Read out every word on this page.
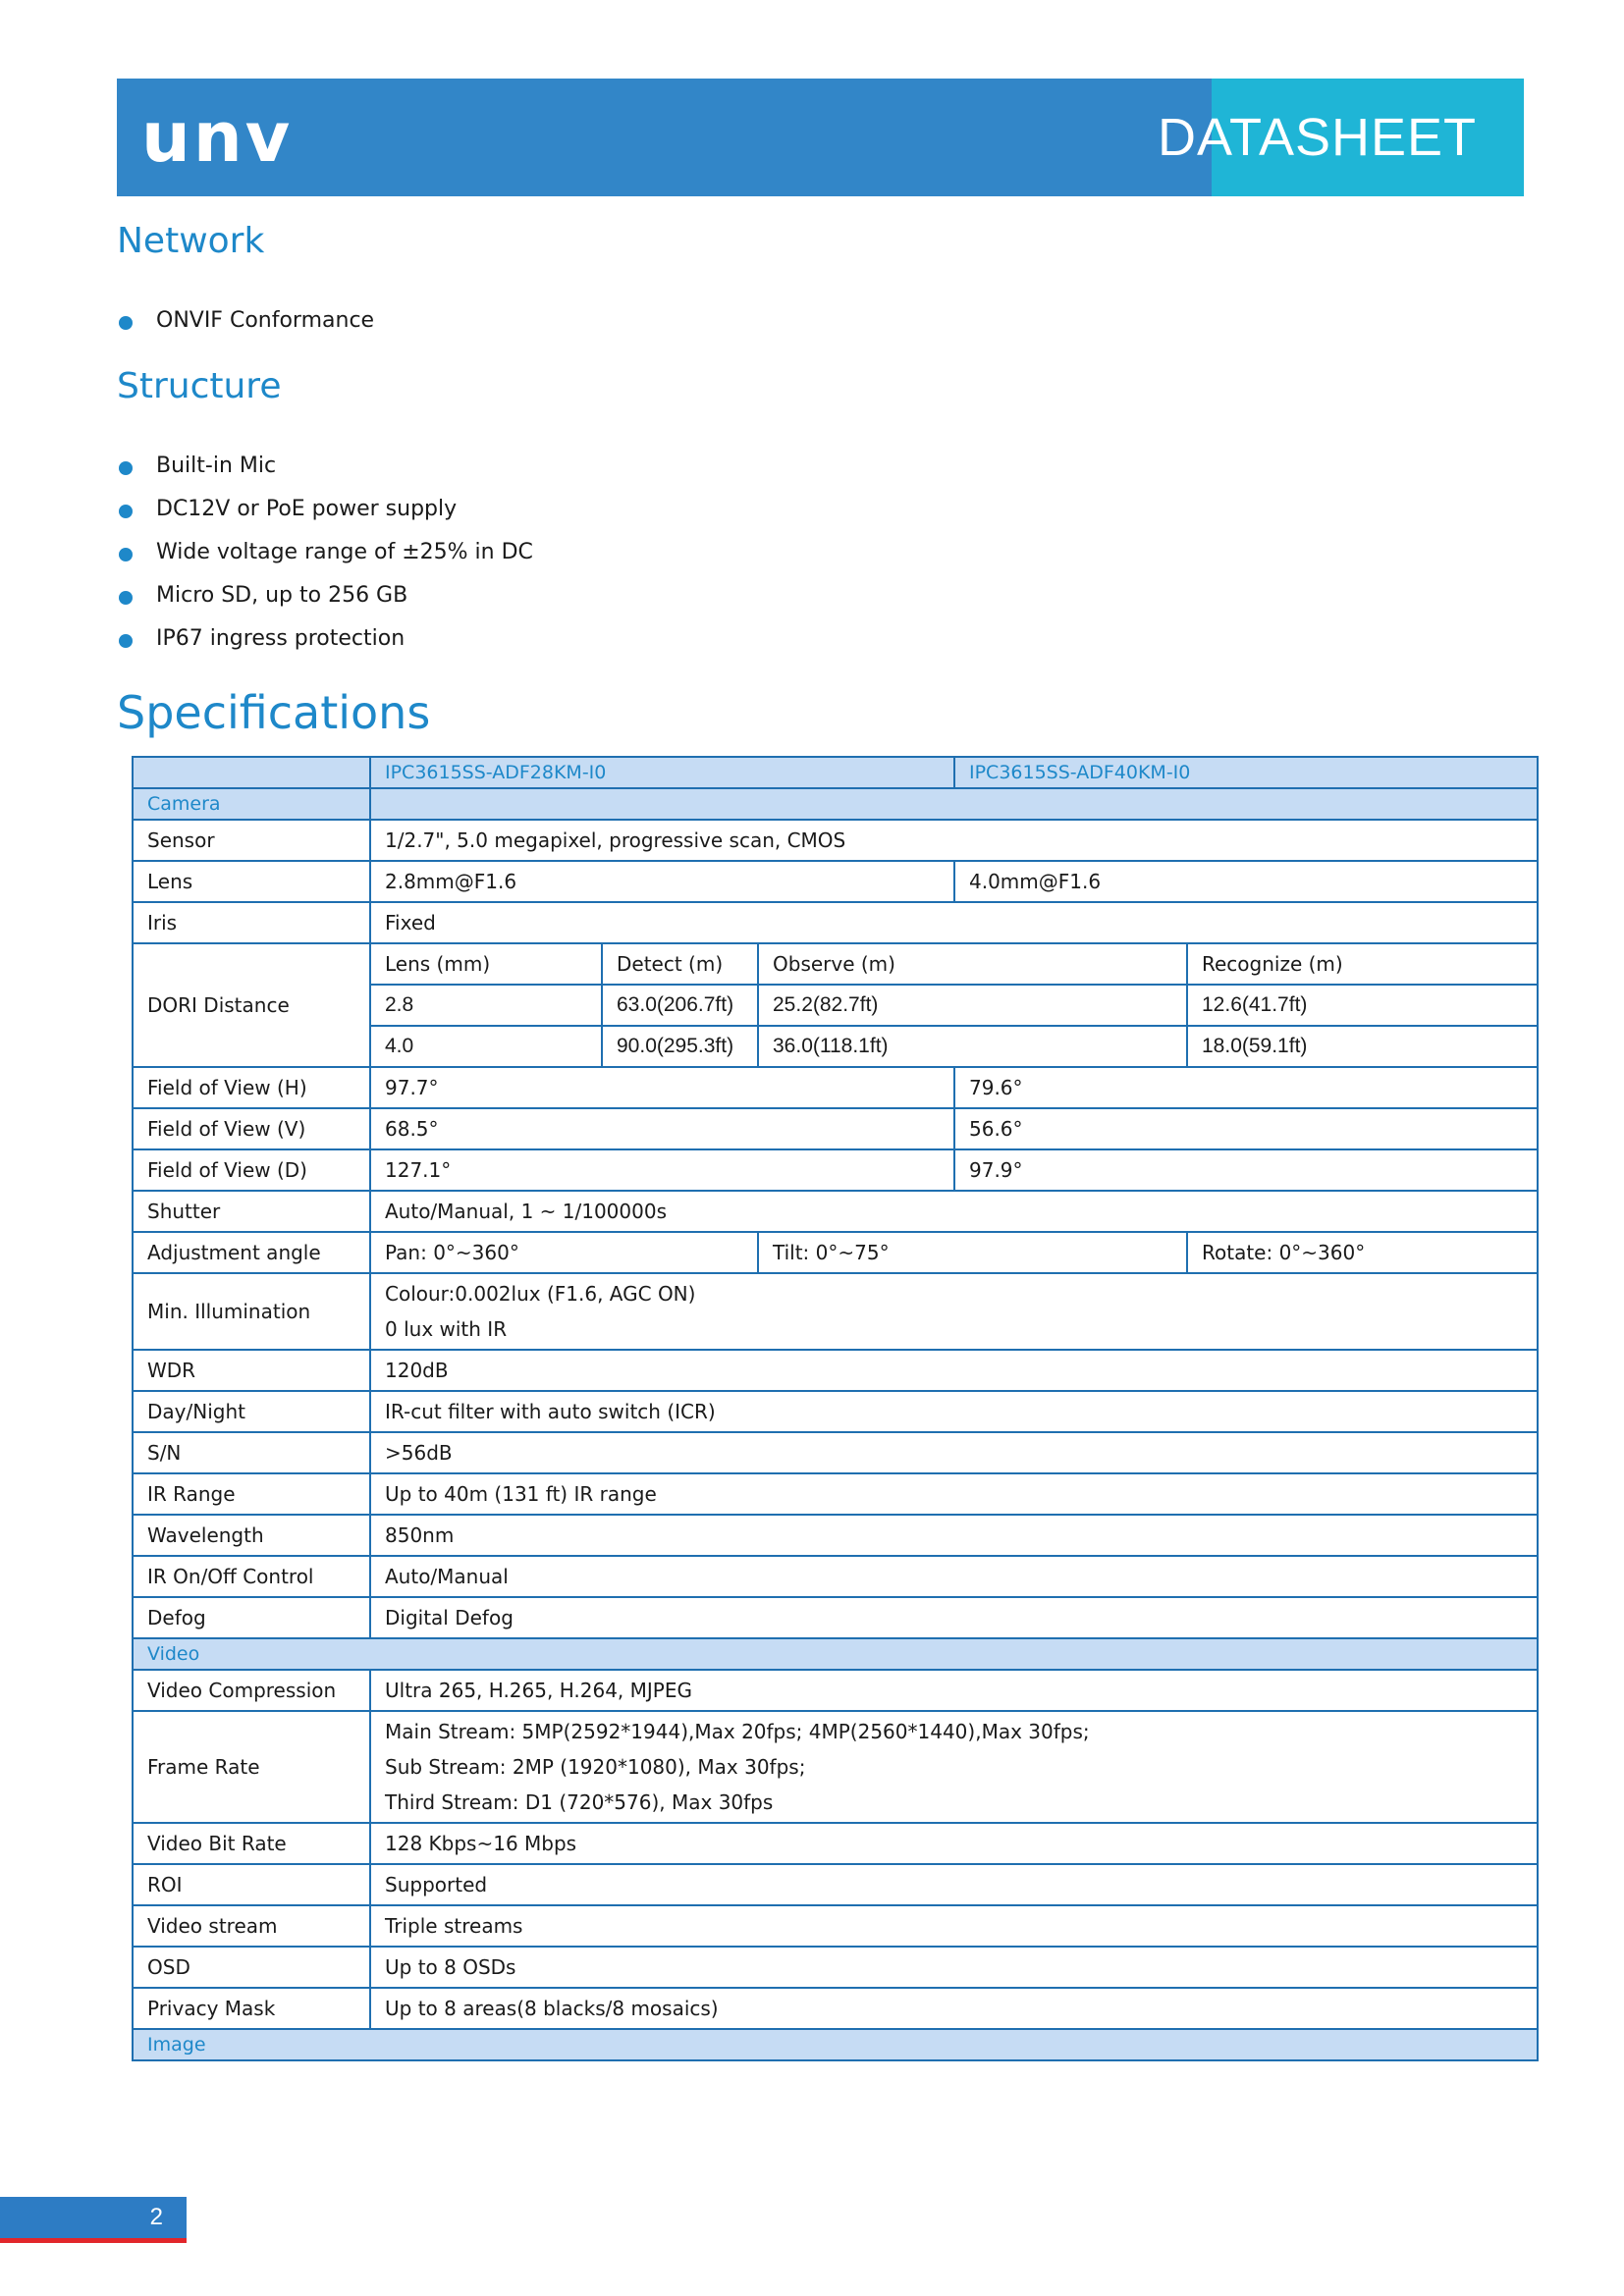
unv	DATASHEET
Network
ONVIF Conformance
Structure
Built-in Mic
DC12V or PoE power supply
Wide voltage range of ±25% in DC
Micro SD, up to 256 GB
IP67 ingress protection
Specifications
	IPC3615SS-ADF28KM-I0			IPC3615SS-ADF40KM-I0		
Camera						
Sensor	1/2.7", 5.0 megapixel, progressive scan, CMOS					
Lens	2.8mm@F1.6			4.0mm@F1.6		
Iris	Fixed					
DORI Distance	Lens (mm)	Detect (m)	Observe (m)		Recognize (m)	
	2.8	63.0(206.7ft)	25.2(82.7ft)		12.6(41.7ft)	
	4.0	90.0(295.3ft)	36.0(118.1ft)		18.0(59.1ft)	
Field of View (H)	97.7°			79.6°		
Field of View (V)	68.5°			56.6°		
Field of View (D)	127.1°			97.9°		
Shutter	Auto/Manual, 1 ~ 1/100000s					
Adjustment angle	Pan: 0°~360°		Tilt: 0°~75°		Rotate: 0°~360°	
Min. Illumination	Colour:0.002lux (F1.6, AGC ON)
0 lux with IR					

WDR	120dB					
Day/Night	IR-cut filter with auto switch (ICR)					
S/N	>56dB					
IR Range	Up to 40m (131 ft) IR range					
Wavelength	850nm					
IR On/Off Control	Auto/Manual					
Defog	Digital Defog					
Video						
Video Compression	Ultra 265, H.265, H.264, MJPEG					
Frame Rate	Main Stream: 5MP(2592*1944),Max 20fps; 4MP(2560*1440),Max 30fps;
Sub Stream: 2MP (1920*1080), Max 30fps;
Third Stream: D1 (720*576), Max 30fps					

Video Bit Rate	128 Kbps~16 Mbps					
ROI	Supported					
Video stream	Triple streams					
OSD	Up to 8 OSDs					
Privacy Mask	Up to 8 areas(8 blacks/8 mosaics)					
Image						
2
